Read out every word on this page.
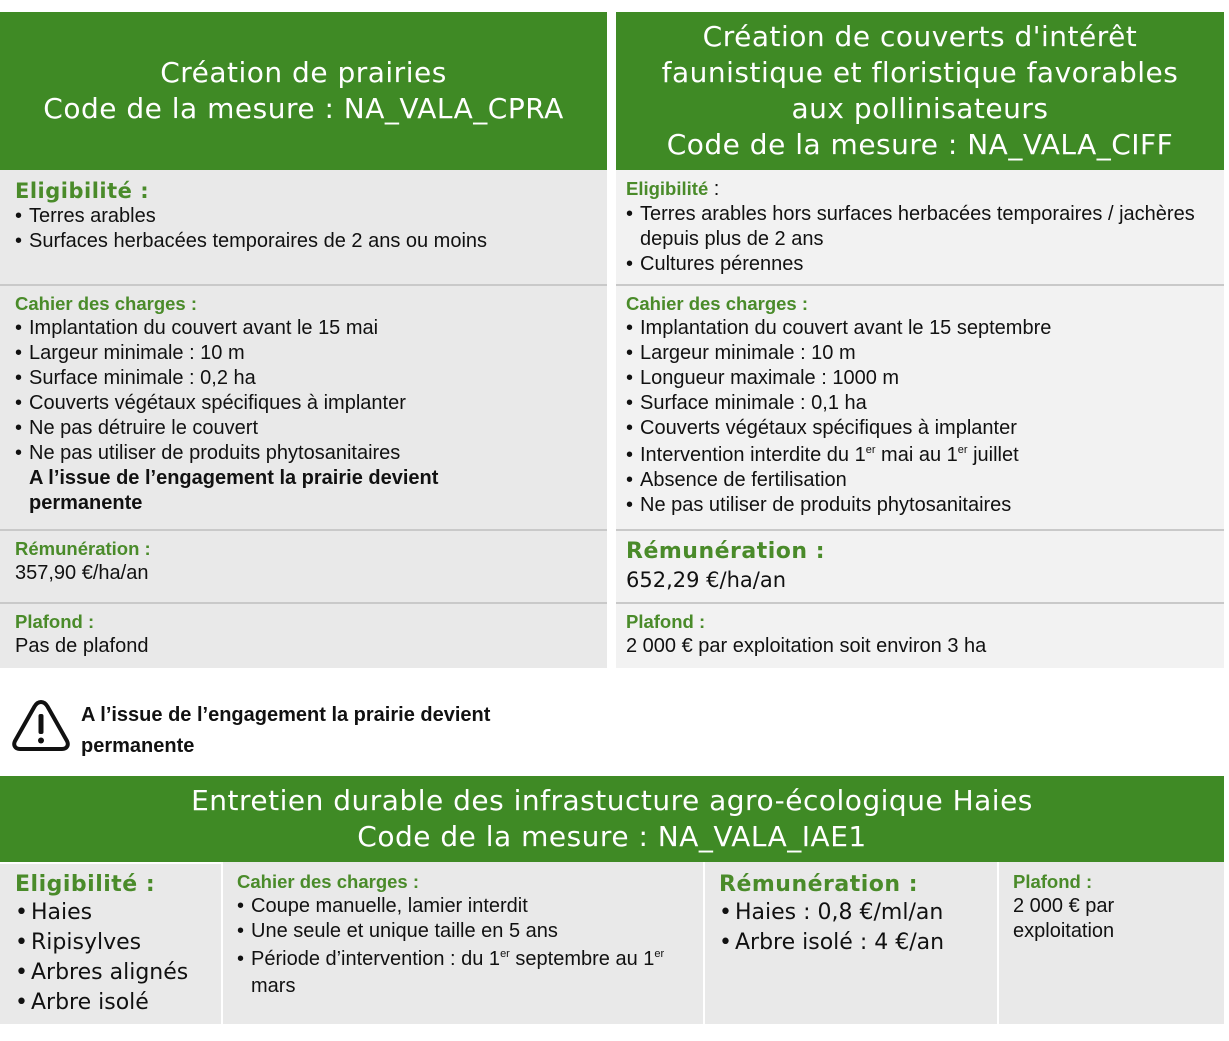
Création de prairies
Code de la mesure : NA_VALA_CPRA
Création de couverts d'intérêt
faunistique et floristique favorables
aux pollinisateurs
Code de la mesure : NA_VALA_CIFF
Eligibilité :
• Terres arables
• Surfaces herbacées temporaires de 2 ans ou moins
Cahier des charges :
• Implantation du couvert avant le 15 mai
• Largeur minimale : 10 m
• Surface minimale : 0,2 ha
• Couverts végétaux spécifiques à implanter
• Ne pas détruire le couvert
• Ne pas utiliser de produits phytosanitaires
A l’issue de l’engagement la prairie devient permanente
Rémunération :
357,90 €/ha/an
Plafond :
Pas de plafond
Eligibilité :
• Terres arables hors surfaces herbacées temporaires / jachères depuis plus de 2 ans
• Cultures pérennes
Cahier des charges :
• Implantation du couvert avant le 15 septembre
• Largeur minimale : 10 m
• Longueur maximale : 1000 m
• Surface minimale : 0,1 ha
• Couverts végétaux spécifiques à implanter
• Intervention interdite du 1er mai au 1er juillet
• Absence de fertilisation
• Ne pas utiliser de produits phytosanitaires
Rémunération :
652,29 €/ha/an
Plafond :
2 000 € par exploitation soit environ 3 ha
A l’issue de l’engagement la prairie devient permanente
Entretien durable des infrastucture agro-écologique Haies
Code de la mesure : NA_VALA_IAE1
Eligibilité :
• Haies
• Ripisylves
• Arbres alignés
• Arbre isolé
Cahier des charges :
• Coupe manuelle, lamier interdit
• Une seule et unique taille en 5 ans
• Période d’intervention : du 1er septembre au 1er mars
Rémunération :
• Haies : 0,8 €/ml/an
• Arbre isolé : 4 €/an
Plafond :
2 000 € par exploitation
